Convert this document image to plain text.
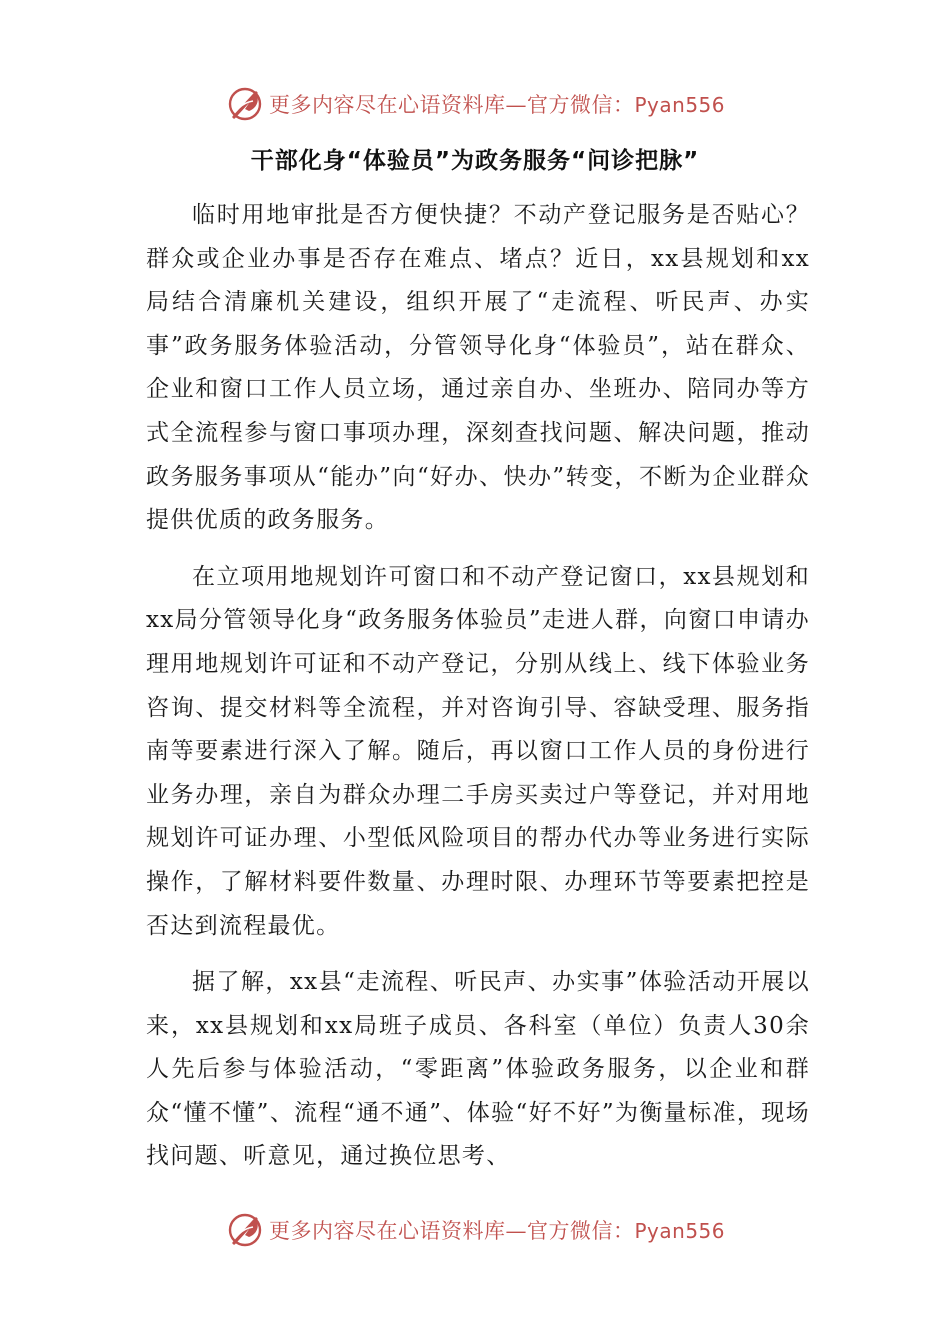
更多内容尽在心语资料库—官方微信：Pyan556
干部化身“体验员”为政务服务“问诊把脉”

临时用地审批是否方便快捷？不动产登记服务是否贴心？群众或企业办事是否存在难点、堵点？近日，xx县规划和xx局结合清廉机关建设，组织开展了“走流程、听民声、办实事”政务服务体验活动，分管领导化身“体验员”，站在群众、企业和窗口工作人员立场，通过亲自办、坐班办、陪同办等方式全流程参与窗口事项办理，深刻查找问题、解决问题，推动政务服务事项从“能办”向“好办、快办”转变，不断为企业群众提供优质的政务服务。

在立项用地规划许可窗口和不动产登记窗口，xx县规划和xx局分管领导化身“政务服务体验员”走进人群，向窗口申请办理用地规划许可证和不动产登记，分别从线上、线下体验业务咨询、提交材料等全流程，并对咨询引导、容缺受理、服务指南等要素进行深入了解。随后，再以窗口工作人员的身份进行业务办理，亲自为群众办理二手房买卖过户等登记，并对用地规划许可证办理、小型低风险项目的帮办代办等业务进行实际操作，了解材料要件数量、办理时限、办理环节等要素把控是否达到流程最优。

据了解，xx县“走流程、听民声、办实事”体验活动开展以来，xx县规划和xx局班子成员、各科室（单位）负责人30余人先后参与体验活动，“零距离”体验政务服务，以企业和群众“懂不懂”、流程“通不通”、体验“好不好”为衡量标准，现场找问题、听意见，通过换位思考、

更多内容尽在心语资料库—官方微信：Pyan556
